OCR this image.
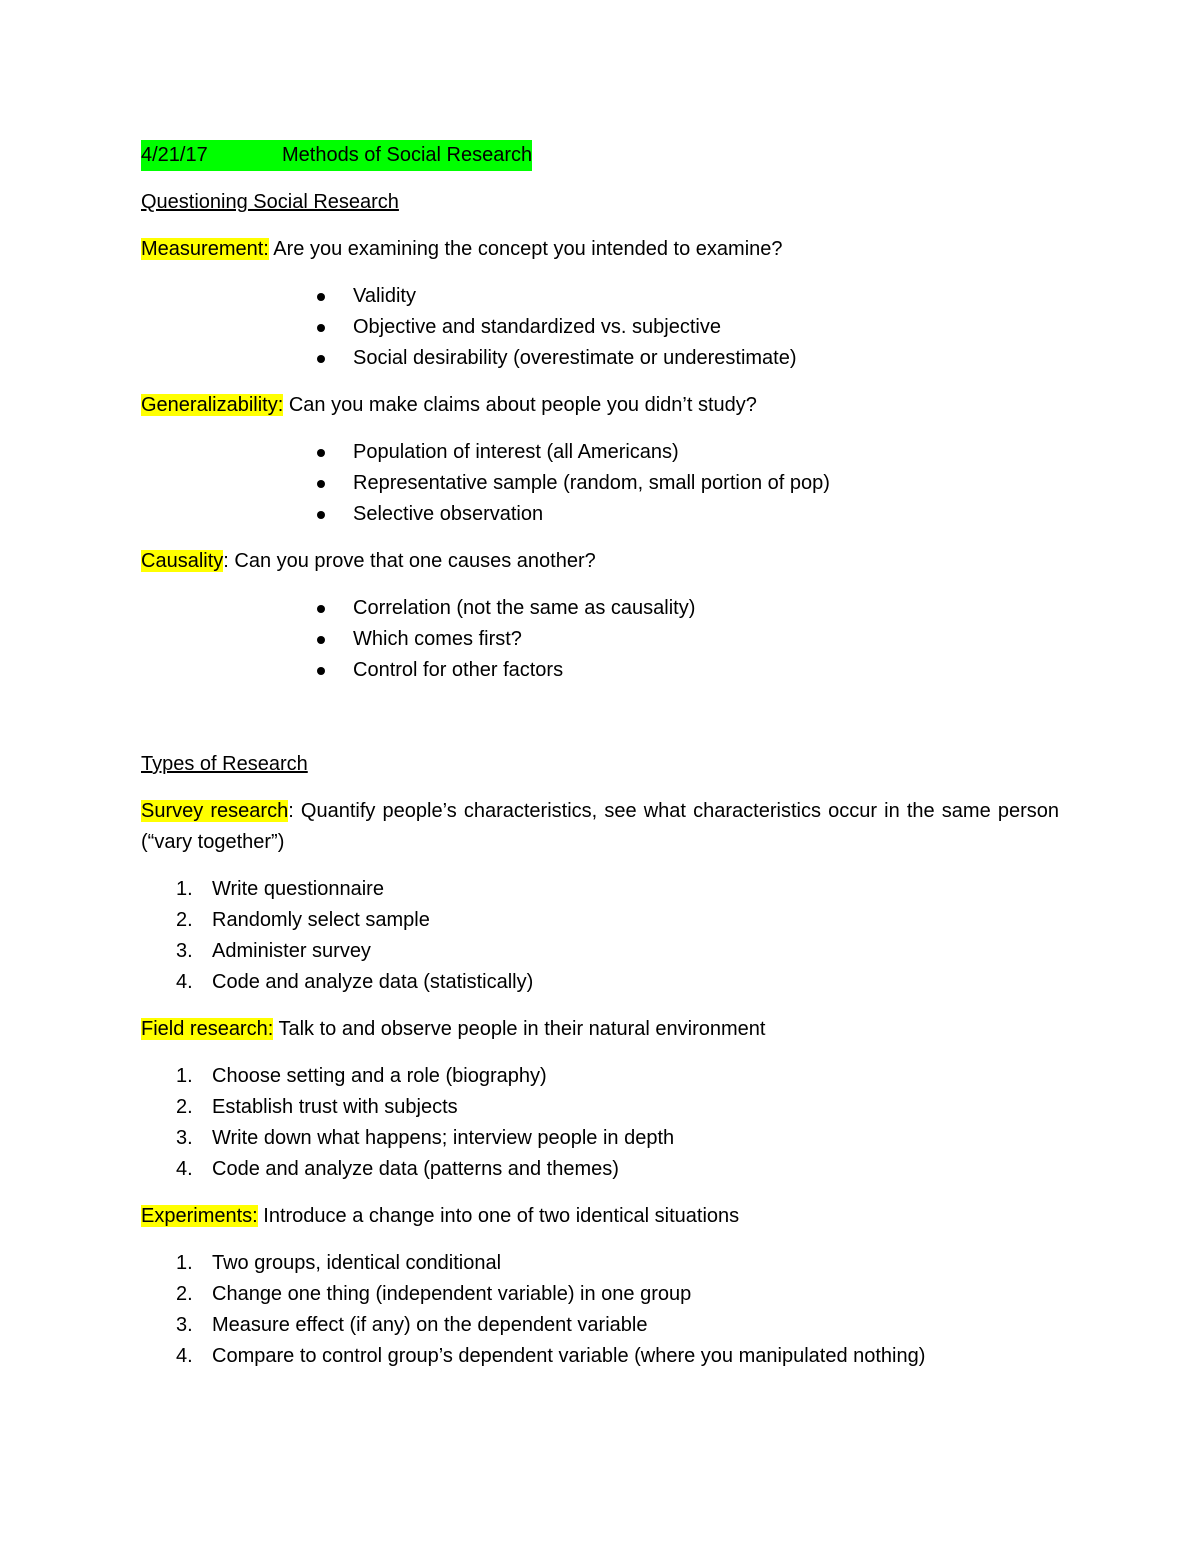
4/21/17	Methods of Social Research

Questioning Social Research

Measurement: Are you examining the concept you intended to examine?

Validity
Objective and standardized vs. subjective
Social desirability (overestimate or underestimate)

Generalizability: Can you make claims about people you didn’t study?

Population of interest (all Americans)
Representative sample (random, small portion of pop)
Selective observation

Causality: Can you prove that one causes another?

Correlation (not the same as causality)
Which comes first?
Control for other factors

Types of Research

Survey research: Quantify people’s characteristics, see what characteristics occur in the same person (“vary together”)

1. Write questionnaire
2. Randomly select sample
3. Administer survey
4. Code and analyze data (statistically)

Field research: Talk to and observe people in their natural environment

1. Choose setting and a role (biography)
2. Establish trust with subjects
3. Write down what happens; interview people in depth
4. Code and analyze data (patterns and themes)

Experiments: Introduce a change into one of two identical situations

1. Two groups, identical conditional
2. Change one thing (independent variable) in one group
3. Measure effect (if any) on the dependent variable
4. Compare to control group’s dependent variable (where you manipulated nothing)
